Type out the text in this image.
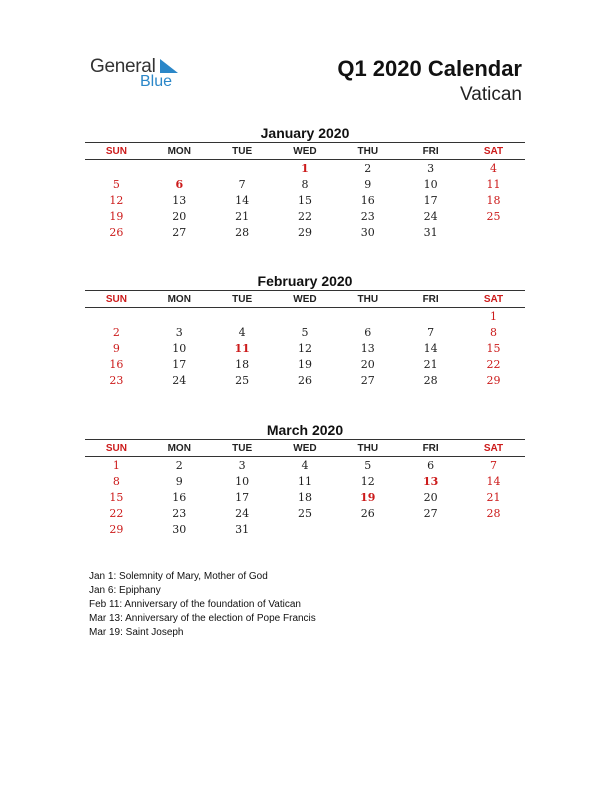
General
Blue
Q1 2020 Calendar
Vatican
January 2020
SUN	MON	TUE	WED	THU	FRI	SAT
			1	2	3	4
5	6	7	8	9	10	11
12	13	14	15	16	17	18
19	20	21	22	23	24	25
26	27	28	29	30	31	
February 2020
SUN	MON	TUE	WED	THU	FRI	SAT
						1
2	3	4	5	6	7	8
9	10	11	12	13	14	15
16	17	18	19	20	21	22
23	24	25	26	27	28	29
March 2020
SUN	MON	TUE	WED	THU	FRI	SAT
1	2	3	4	5	6	7
8	9	10	11	12	13	14
15	16	17	18	19	20	21
22	23	24	25	26	27	28
29	30	31				
Jan 1: Solemnity of Mary, Mother of God
Jan 6: Epiphany
Feb 11: Anniversary of the foundation of Vatican
Mar 13: Anniversary of the election of Pope Francis
Mar 19: Saint Joseph
